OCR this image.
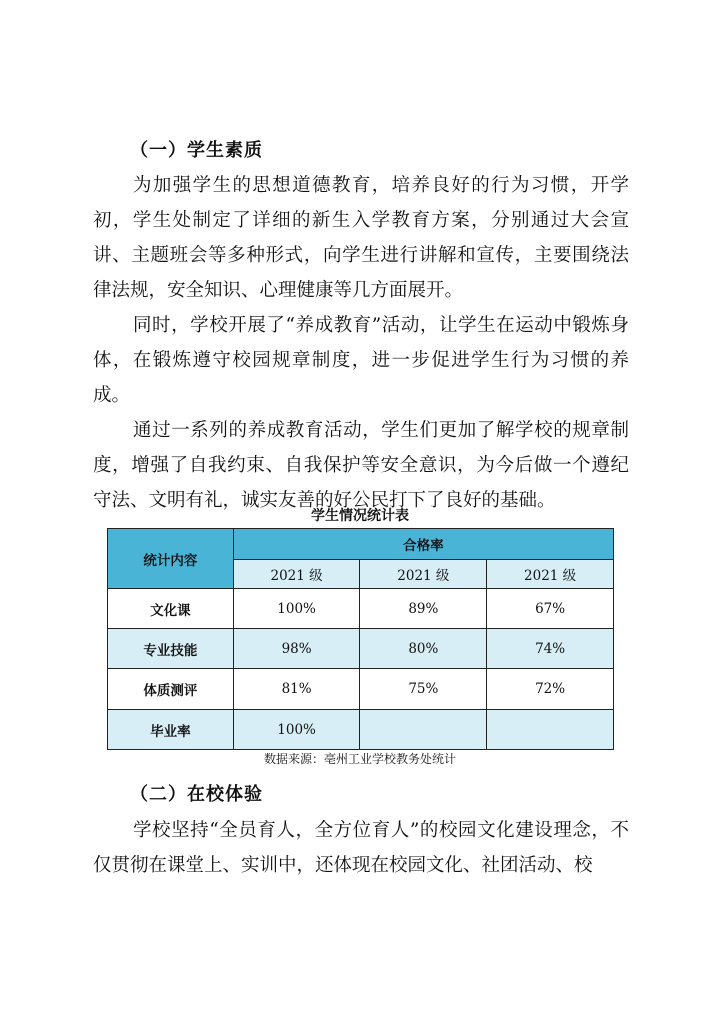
（一）学生素质

为加强学生的思想道德教育，培养良好的行为习惯，开学初，学生处制定了详细的新生入学教育方案，分别通过大会宣讲、主题班会等多种形式，向学生进行讲解和宣传，主要围绕法律法规，安全知识、心理健康等几方面展开。

同时，学校开展了“养成教育”活动，让学生在运动中锻炼身体，在锻炼遵守校园规章制度，进一步促进学生行为习惯的养成。

通过一系列的养成教育活动，学生们更加了解学校的规章制度，增强了自我约束、自我保护等安全意识，为今后做一个遵纪守法、文明有礼，诚实友善的好公民打下了良好的基础。

学生情况统计表
统计内容	合格率		
	2021 级	2021 级	2021 级
文化课	100%	89%	67%
专业技能	98%	80%	74%
体质测评	81%	75%	72%
毕业率	100%		
数据来源：亳州工业学校教务处统计
（二）在校体验

学校坚持“全员育人，全方位育人”的校园文化建设理念，不仅贯彻在课堂上、实训中，还体现在校园文化、社团活动、校
